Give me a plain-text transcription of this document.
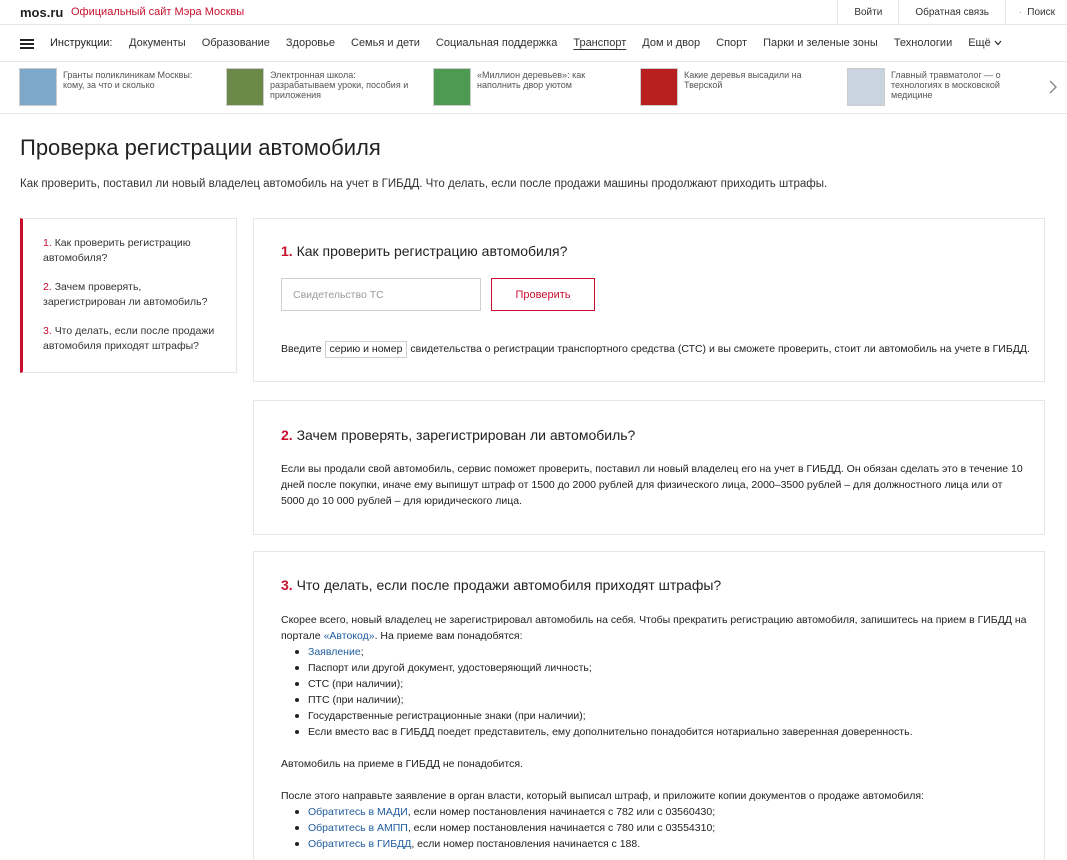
mos.ru Официальный сайт Мэра Москвы	Войти	Обратная связь	Поиск
Инструкции: Документы Образование Здоровье Семья и дети Социальная поддержка Транспорт Дом и двор Спорт Парки и зеленые зоны Технологии Ещё
Гранты поликлиникам Москвы: кому, за что и сколько
Электронная школа: разрабатываем уроки, пособия и приложения
«Миллион деревьев»: как наполнить двор уютом
Какие деревья высадили на Тверской
Главный травматолог — о технологиях в московской медицине
Проверка регистрации автомобиля
Как проверить, поставил ли новый владелец автомобиль на учет в ГИБДД. Что делать, если после продажи машины продолжают приходить штрафы.
1. Как проверить регистрацию автомобиля?
2. Зачем проверять, зарегистрирован ли автомобиль?
3. Что делать, если после продажи автомобиля приходят штрафы?
1. Как проверить регистрацию автомобиля?
Свидетельство ТС
Проверить

Введите серию и номер свидетельства о регистрации транспортного средства (СТС) и вы сможете проверить, стоит ли автомобиль на учете в ГИБДД.

2. Зачем проверять, зарегистрирован ли автомобиль?

Если вы продали свой автомобиль, сервис поможет проверить, поставил ли новый владелец его на учет в ГИБДД. Он обязан сделать это в течение 10 дней после покупки, иначе ему выпишут штраф от 1500 до 2000 рублей для физического лица, 2000–3500 рублей – для должностного лица или от 5000 до 10 000 рублей – для юридического лица.

3. Что делать, если после продажи автомобиля приходят штрафы?

Скорее всего, новый владелец не зарегистрировал автомобиль на себя. Чтобы прекратить регистрацию автомобиля, запишитесь на прием в ГИБДД на портале «Автокод». На приеме вам понадобятся:

Заявление;
Паспорт или другой документ, удостоверяющий личность;
СТС (при наличии);
ПТС (при наличии);
Государственные регистрационные знаки (при наличии);
Если вместо вас в ГИБДД поедет представитель, ему дополнительно понадобится нотариально заверенная доверенность.

Автомобиль на приеме в ГИБДД не понадобится.

После этого направьте заявление в орган власти, который выписал штраф, и приложите копии документов о продаже автомобиля:

Обратитесь в МАДИ, если номер постановления начинается с 782 или с 03560430;
Обратитесь в АМПП, если номер постановления начинается с 780 или с 03554310;
Обратитесь в ГИБДД, если номер постановления начинается с 188.
